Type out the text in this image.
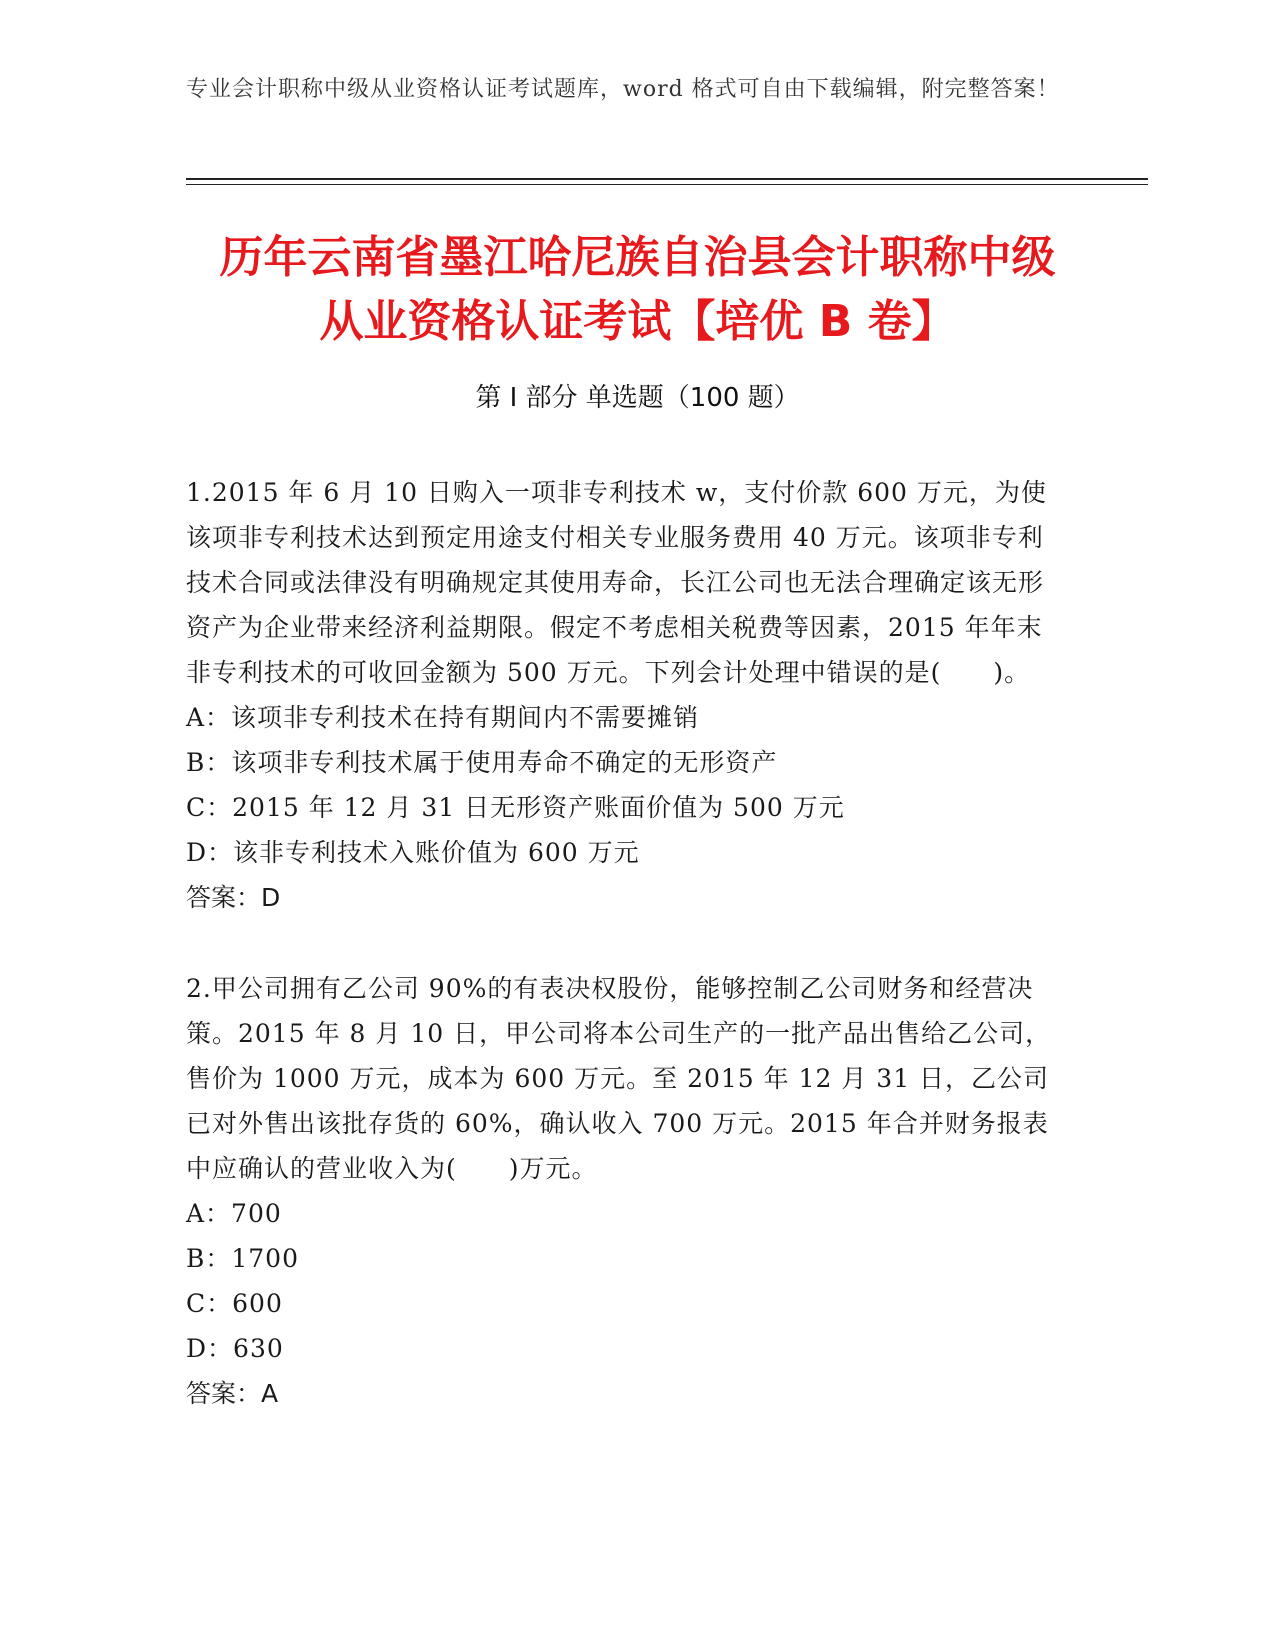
专业会计职称中级从业资格认证考试题库，word 格式可自由下载编辑，附完整答案！
历年云南省墨江哈尼族自治县会计职称中级
从业资格认证考试【培优 B 卷】
第 I 部分 单选题（100 题）

1.2015 年 6 月 10 日购入一项非专利技术 w，支付价款 600 万元，为使该项非专利技术达到预定用途支付相关专业服务费用 40 万元。该项非专利技术合同或法律没有明确规定其使用寿命，长江公司也无法合理确定该无形资产为企业带来经济利益期限。假定不考虑相关税费等因素，2015 年年末非专利技术的可收回金额为 500 万元。下列会计处理中错误的是(　　)。

A：该项非专利技术在持有期间内不需要摊销

B：该项非专利技术属于使用寿命不确定的无形资产

C：2015 年 12 月 31 日无形资产账面价值为 500 万元

D：该非专利技术入账价值为 600 万元

答案：D

2.甲公司拥有乙公司 90%的有表决权股份，能够控制乙公司财务和经营决策。2015 年 8 月 10 日，甲公司将本公司生产的一批产品出售给乙公司，售价为 1000 万元，成本为 600 万元。至 2015 年 12 月 31 日，乙公司已对外售出该批存货的 60%，确认收入 700 万元。2015 年合并财务报表中应确认的营业收入为(　　)万元。

A：700

B：1700

C：600

D：630

答案：A
